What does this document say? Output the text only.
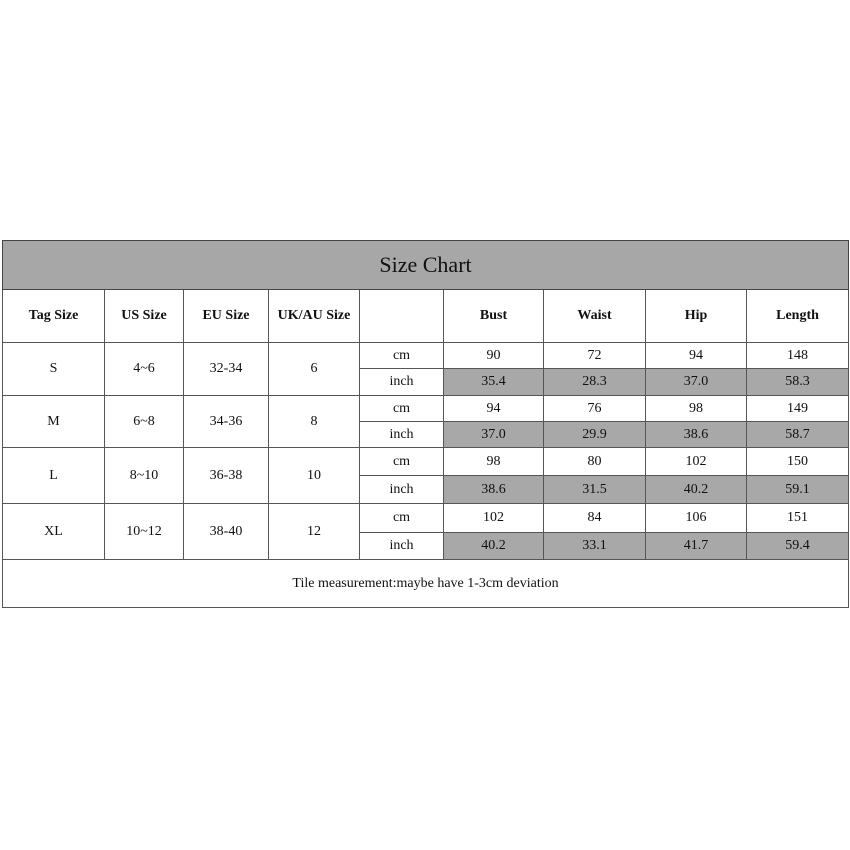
Size Chart								
Tag Size	US Size	EU Size	UK/AU Size		Bust	Waist	Hip	Length
S	4~6	32-34	6	cm	90	72	94	148
				inch	35.4	28.3	37.0	58.3
M	6~8	34-36	8	cm	94	76	98	149
				inch	37.0	29.9	38.6	58.7
L	8~10	36-38	10	cm	98	80	102	150
				inch	38.6	31.5	40.2	59.1
XL	10~12	38-40	12	cm	102	84	106	151
				inch	40.2	33.1	41.7	59.4
Tile measurement:maybe have 1-3cm deviation								
